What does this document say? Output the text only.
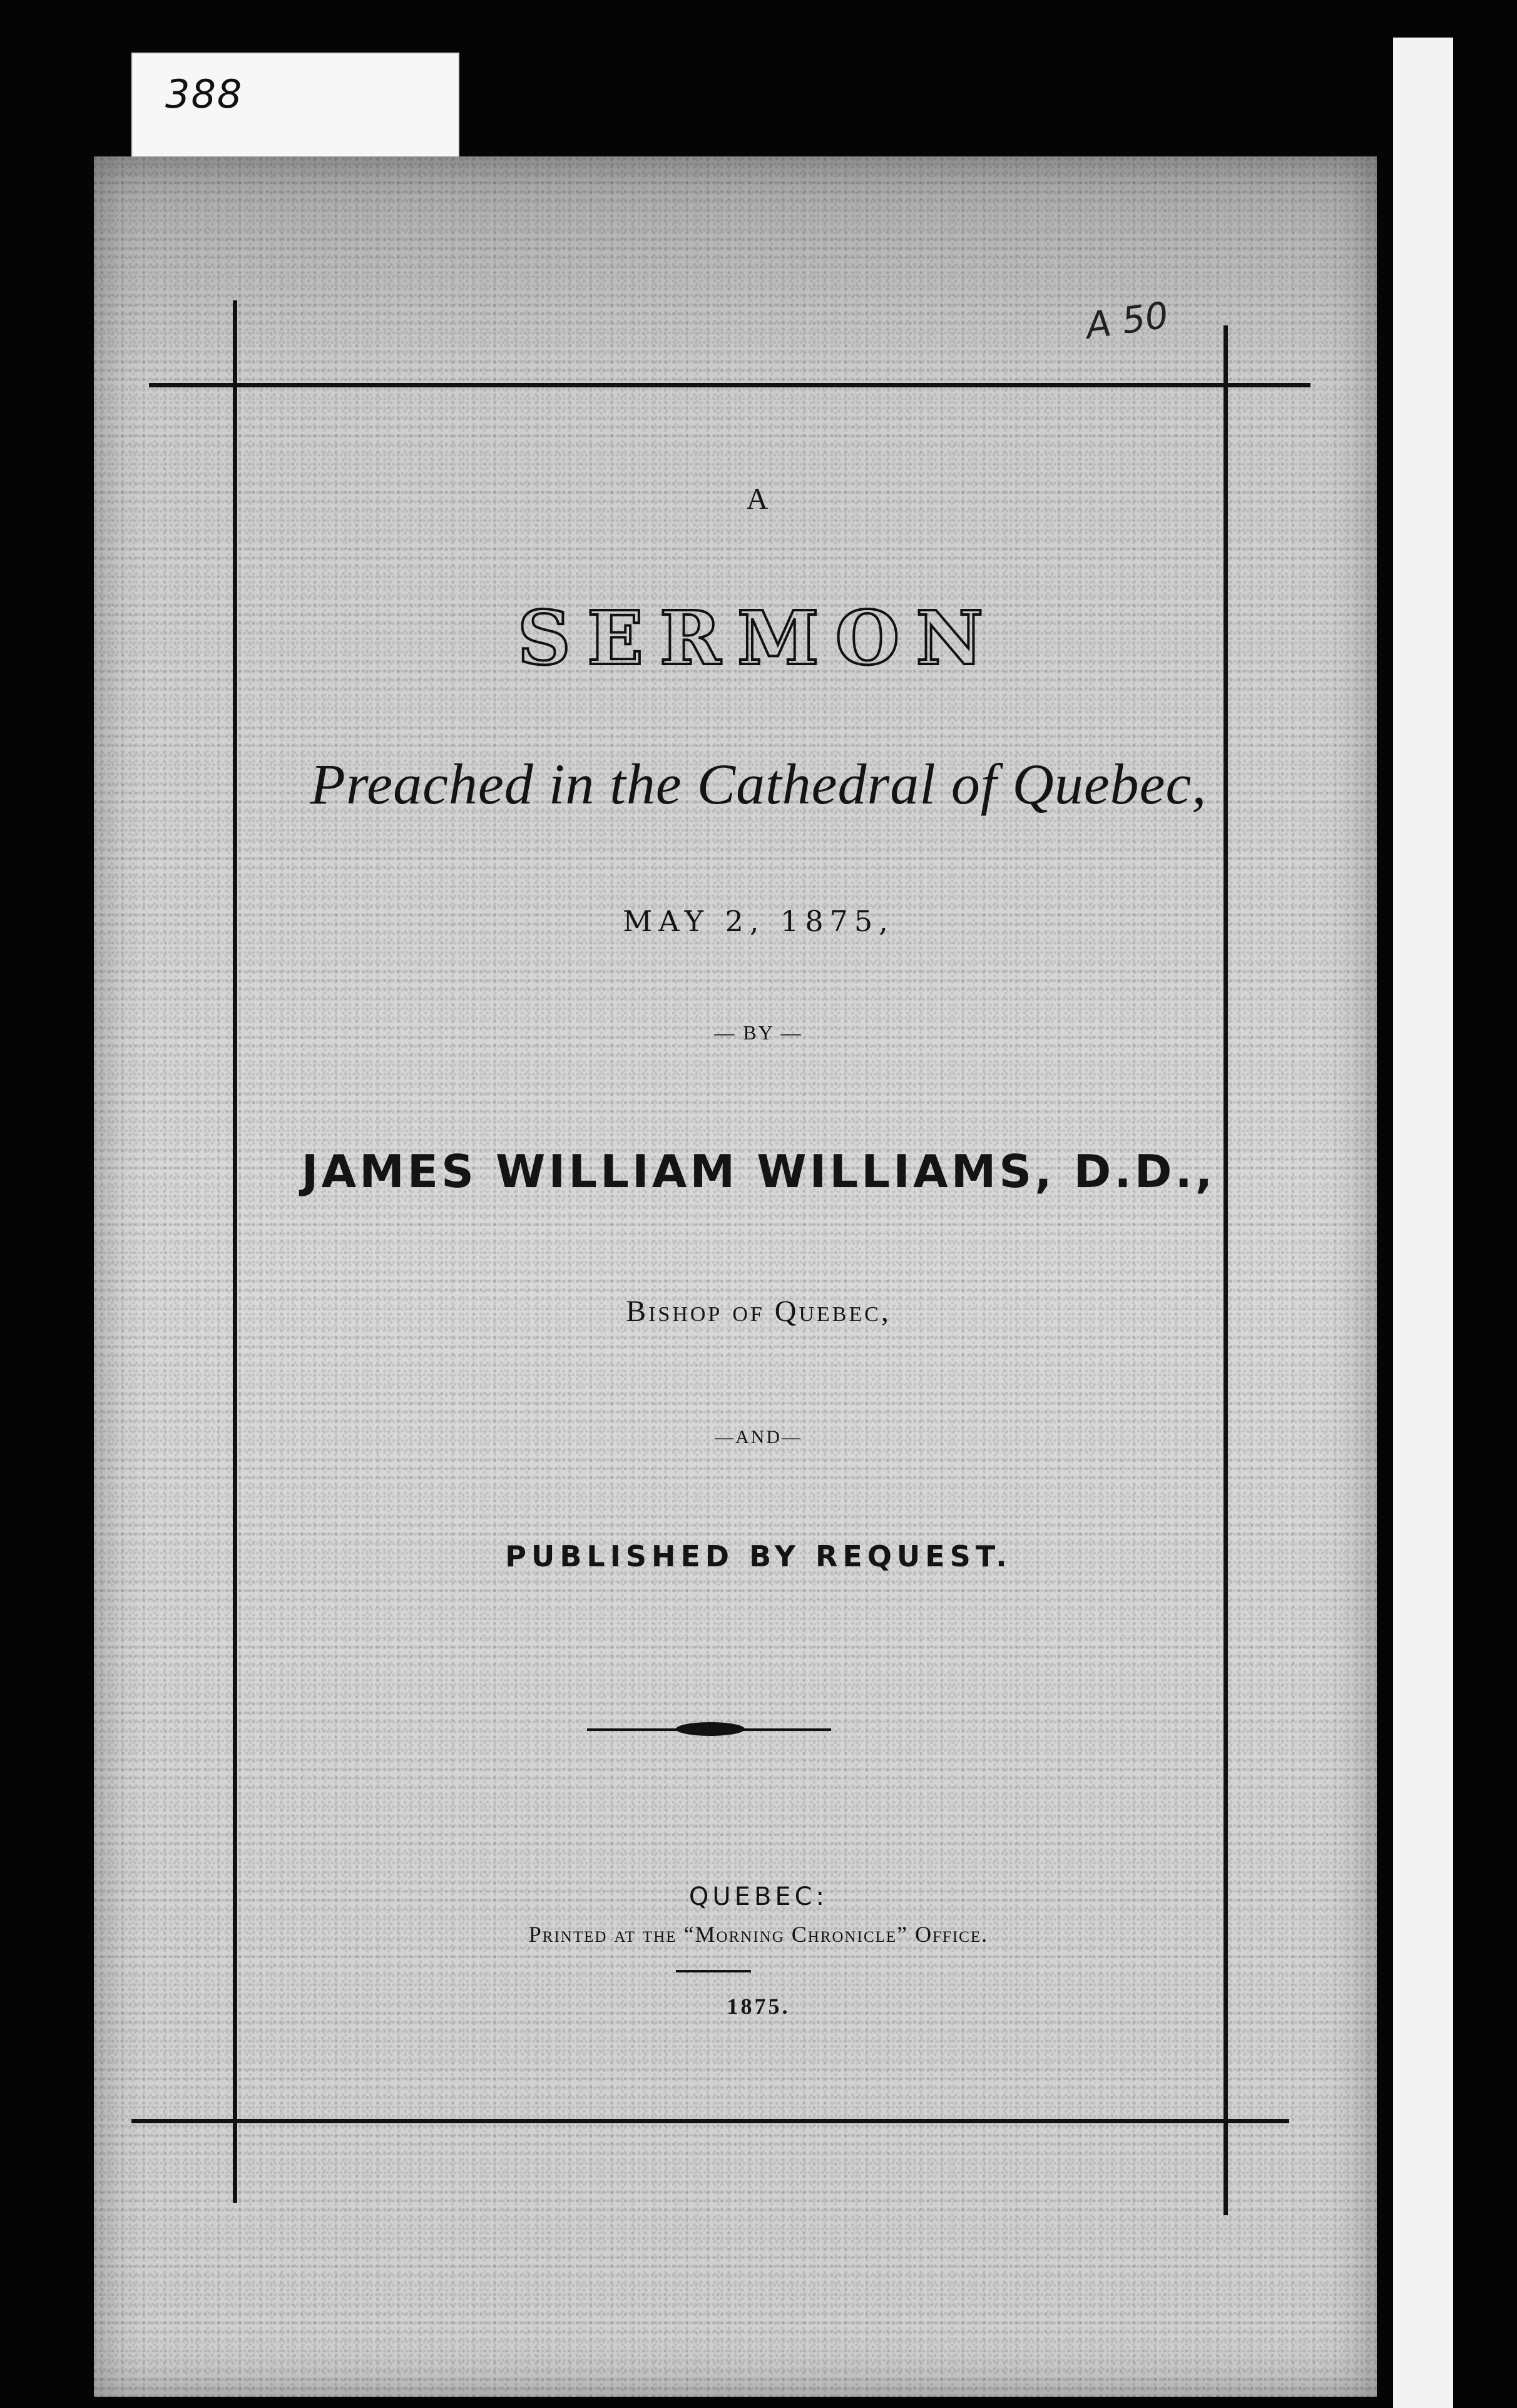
388
A 50
A
SERMON
Preached in the Cathedral of Quebec,
MAY 2, 1875,
— BY —
JAMES WILLIAM WILLIAMS, D.D.,
Bishop of Quebec,
—AND—
PUBLISHED BY REQUEST.
QUEBEC:
Printed at the “Morning Chronicle” Office.
1875.
